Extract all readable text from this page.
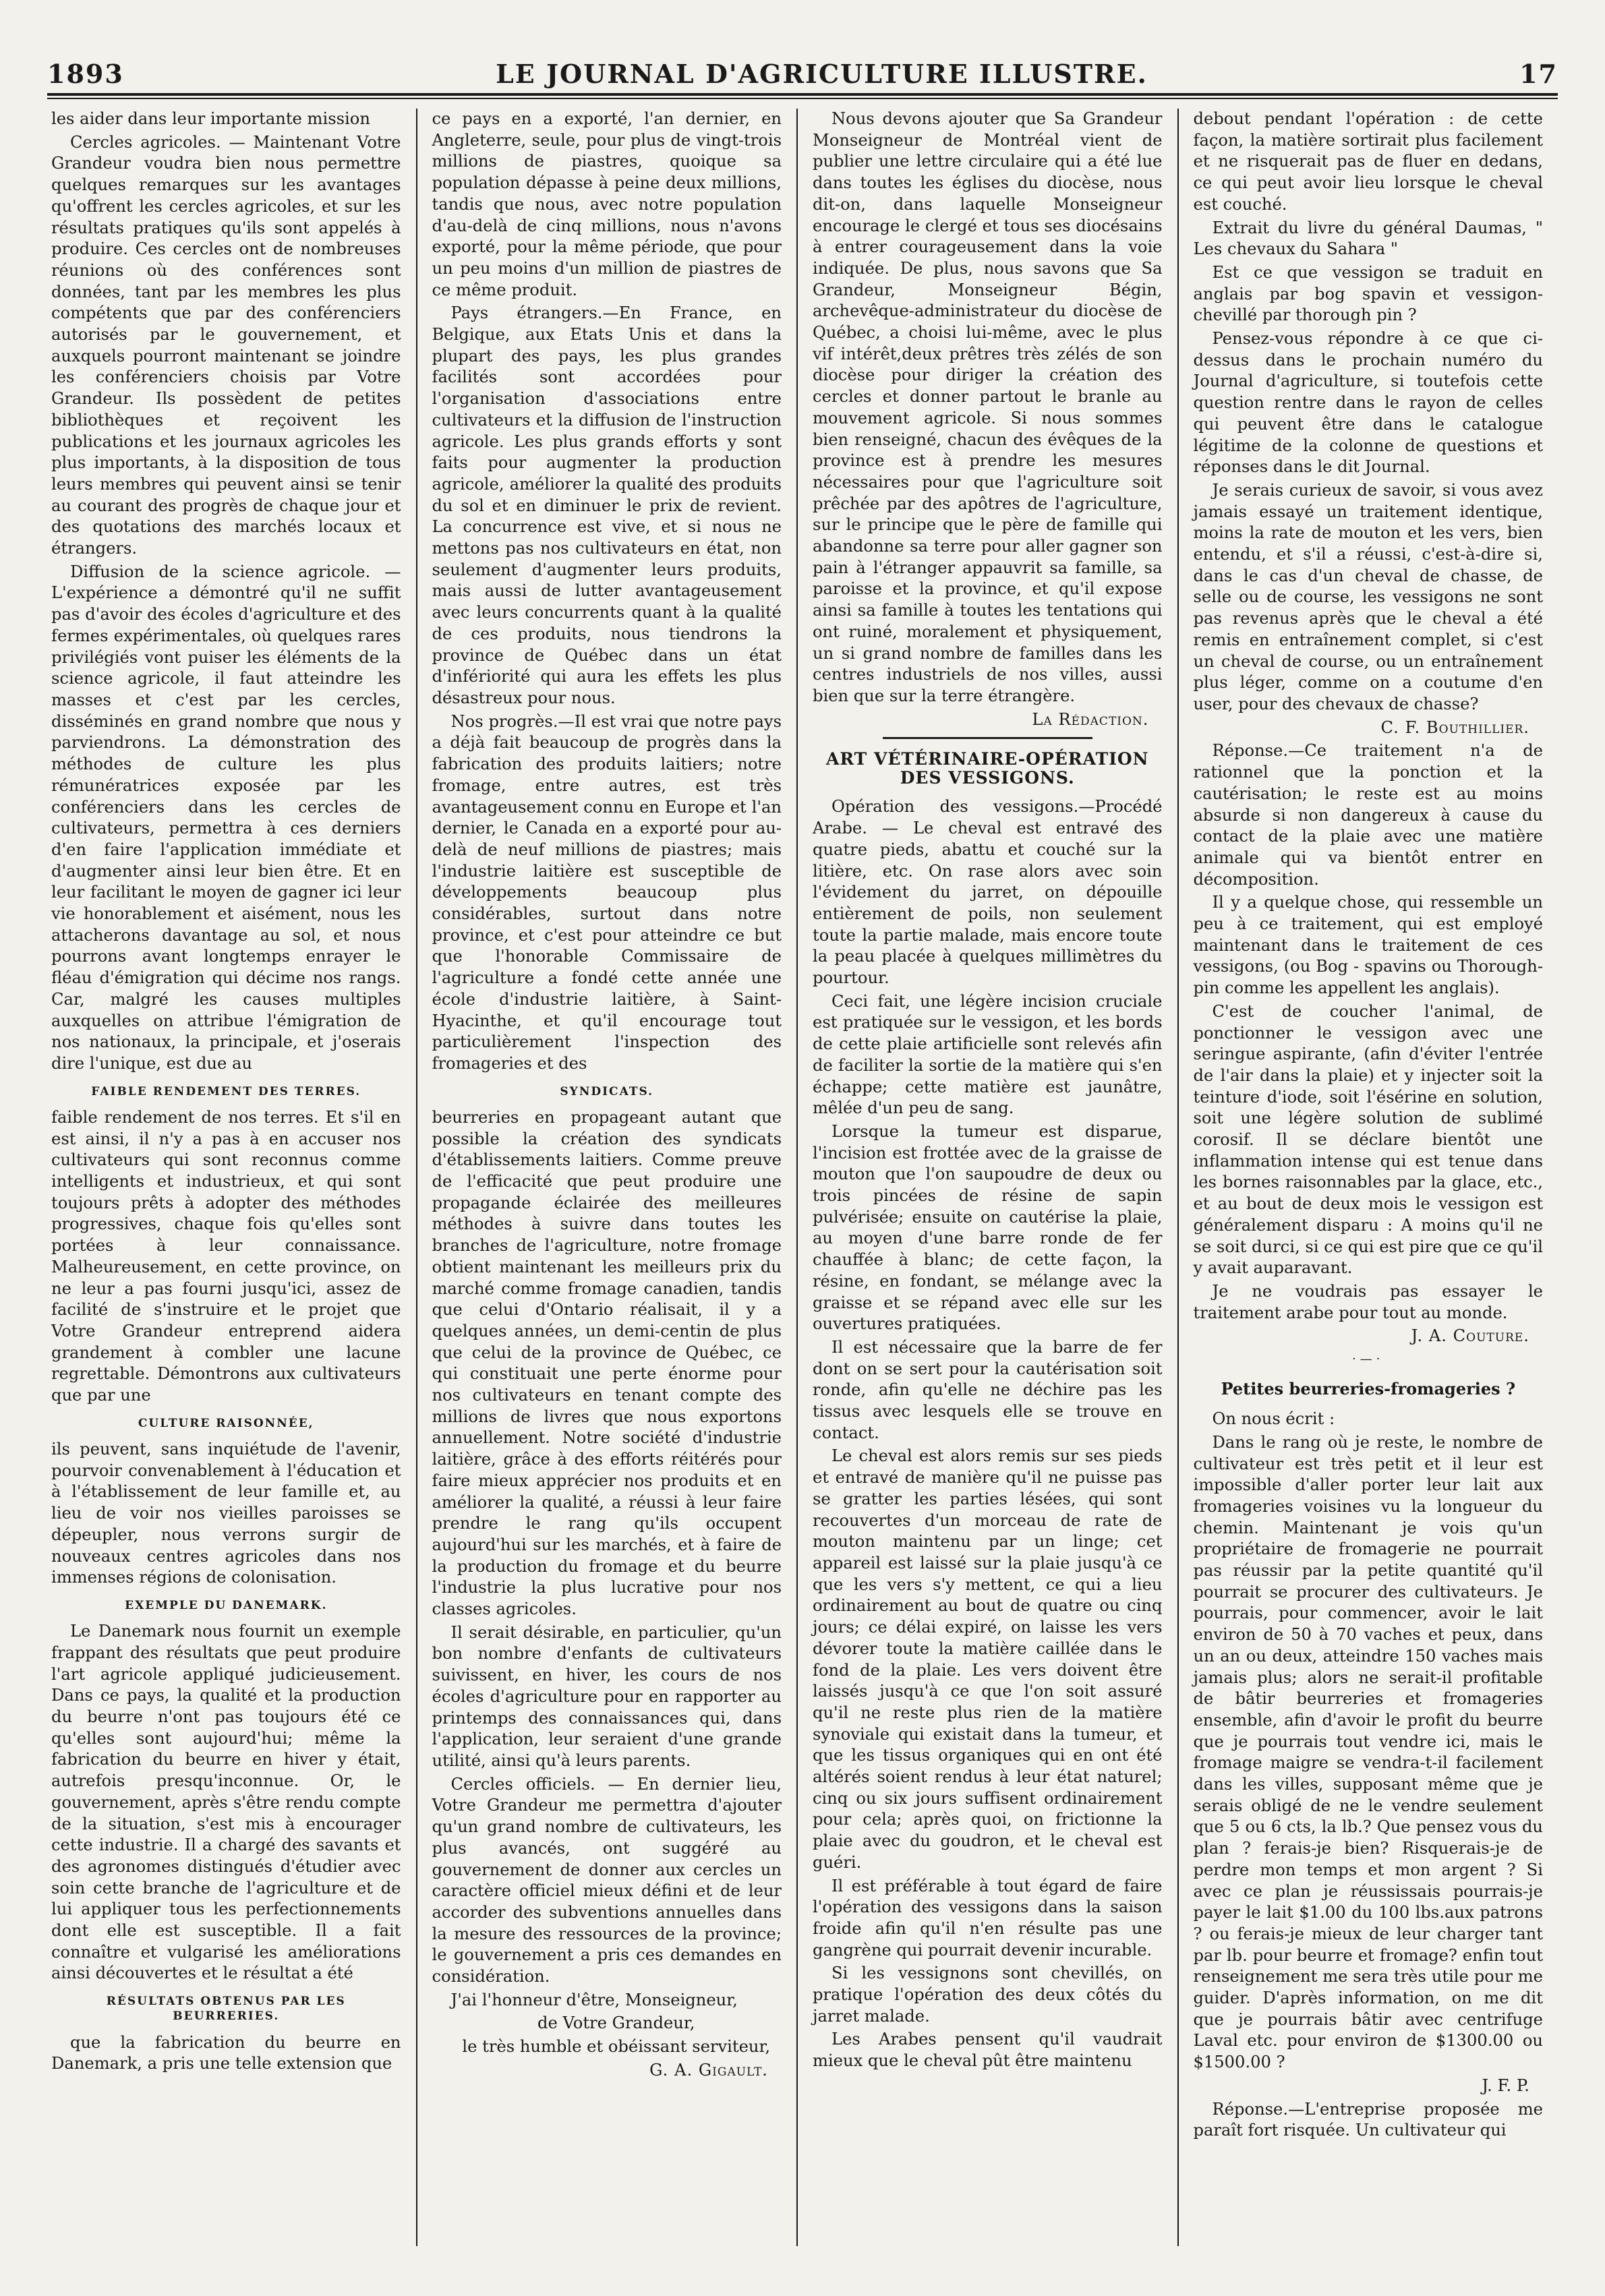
1893	LE JOURNAL D'AGRICULTURE ILLUSTRE.	17

les aider dans leur importante mission

Cercles agricoles. — Maintenant Votre Grandeur voudra bien nous permettre quelques remarques sur les avantages qu'offrent les cercles agricoles, et sur les résultats pratiques qu'ils sont appelés à produire. Ces cercles ont de nombreuses réunions où des conférences sont données, tant par les membres les plus compétents que par des conférenciers autorisés par le gouvernement, et auxquels pourront maintenant se joindre les conférenciers choisis par Votre Grandeur. Ils possèdent de petites bibliothèques et reçoivent les publications et les journaux agricoles les plus importants, à la disposition de tous leurs membres qui peuvent ainsi se tenir au courant des progrès de chaque jour et des quotations des marchés locaux et étrangers.

Diffusion de la science agricole. —L'expérience a démontré qu'il ne suffit pas d'avoir des écoles d'agriculture et des fermes expérimentales, où quelques rares privilégiés vont puiser les éléments de la science agricole, il faut atteindre les masses et c'est par les cercles, disséminés en grand nombre que nous y parviendrons. La démonstration des méthodes de culture les plus rémunératrices exposée par les conférenciers dans les cercles de cultivateurs, permettra à ces derniers d'en faire l'application immédiate et d'augmenter ainsi leur bien être. Et en leur facilitant le moyen de gagner ici leur vie honorablement et aisément, nous les attacherons davantage au sol, et nous pourrons avant longtemps enrayer le fléau d'émigration qui décime nos rangs. Car, malgré les causes multiples auxquelles on attribue l'émigration de nos nationaux, la principale, et j'oserais dire l'unique, est due au

FAIBLE RENDEMENT DES TERRES.

faible rendement de nos terres. Et s'il en est ainsi, il n'y a pas à en accuser nos cultivateurs qui sont reconnus comme intelligents et industrieux, et qui sont toujours prêts à adopter des méthodes progressives, chaque fois qu'elles sont portées à leur connaissance. Malheureusement, en cette province, on ne leur a pas fourni jusqu'ici, assez de facilité de s'instruire et le projet que Votre Grandeur entreprend aidera grandement à combler une lacune regrettable. Démontrons aux cultivateurs que par une

CULTURE RAISONNÉE,

ils peuvent, sans inquiétude de l'avenir, pourvoir convenablement à l'éducation et à l'établissement de leur famille et, au lieu de voir nos vieilles paroisses se dépeupler, nous verrons surgir de nouveaux centres agricoles dans nos immenses régions de colonisation.

EXEMPLE DU DANEMARK.

Le Danemark nous fournit un exemple frappant des résultats que peut produire l'art agricole appliqué judicieusement. Dans ce pays, la qualité et la production du beurre n'ont pas toujours été ce qu'elles sont aujourd'hui; même la fabrication du beurre en hiver y était, autrefois presqu'inconnue. Or, le gouvernement, après s'être rendu compte de la situation, s'est mis à encourager cette industrie. Il a chargé des savants et des agronomes distingués d'étudier avec soin cette branche de l'agriculture et de lui appliquer tous les perfectionnements dont elle est susceptible. Il a fait connaître et vulgarisé les améliorations ainsi découvertes et le résultat a été

RÉSULTATS OBTENUS PAR LES BEURRERIES.

que la fabrication du beurre en Danemark, a pris une telle extension que

ce pays en a exporté, l'an dernier, en Angleterre, seule, pour plus de vingt-trois millions de piastres, quoique sa population dépasse à peine deux millions, tandis que nous, avec notre population d'au-delà de cinq millions, nous n'avons exporté, pour la même période, que pour un peu moins d'un million de piastres de ce même produit.

Pays étrangers.—En France, en Belgique, aux Etats Unis et dans la plupart des pays, les plus grandes facilités sont accordées pour l'organisation d'associations entre cultivateurs et la diffusion de l'instruction agricole. Les plus grands efforts y sont faits pour augmenter la production agricole, améliorer la qualité des produits du sol et en diminuer le prix de revient. La concurrence est vive, et si nous ne mettons pas nos cultivateurs en état, non seulement d'augmenter leurs produits, mais aussi de lutter avantageusement avec leurs concurrents quant à la qualité de ces produits, nous tiendrons la province de Québec dans un état d'infériorité qui aura les effets les plus désastreux pour nous.

Nos progrès.—Il est vrai que notre pays a déjà fait beaucoup de progrès dans la fabrication des produits laitiers; notre fromage, entre autres, est très avantageusement connu en Europe et l'an dernier, le Canada en a exporté pour au-delà de neuf millions de piastres; mais l'industrie laitière est susceptible de développements beaucoup plus considérables, surtout dans notre province, et c'est pour atteindre ce but que l'honorable Commissaire de l'agriculture a fondé cette année une école d'industrie laitière, à Saint-Hyacinthe, et qu'il encourage tout particulièrement l'inspection des fromageries et des

SYNDICATS.

beurreries en propageant autant que possible la création des syndicats d'établissements laitiers. Comme preuve de l'efficacité que peut produire une propagande éclairée des meilleures méthodes à suivre dans toutes les branches de l'agriculture, notre fromage obtient maintenant les meilleurs prix du marché comme fromage canadien, tandis que celui d'Ontario réalisait, il y a quelques années, un demi-centin de plus que celui de la province de Québec, ce qui constituait une perte énorme pour nos cultivateurs en tenant compte des millions de livres que nous exportons annuellement. Notre société d'industrie laitière, grâce à des efforts réitérés pour faire mieux apprécier nos produits et en améliorer la qualité, a réussi à leur faire prendre le rang qu'ils occupent aujourd'hui sur les marchés, et à faire de la production du fromage et du beurre l'industrie la plus lucrative pour nos classes agricoles.

Il serait désirable, en particulier, qu'un bon nombre d'enfants de cultivateurs suivissent, en hiver, les cours de nos écoles d'agriculture pour en rapporter au printemps des connaissances qui, dans l'application, leur seraient d'une grande utilité, ainsi qu'à leurs parents.

Cercles officiels. — En dernier lieu, Votre Grandeur me permettra d'ajouter qu'un grand nombre de cultivateurs, les plus avancés, ont suggéré au gouvernement de donner aux cercles un caractère officiel mieux défini et de leur accorder des subventions annuelles dans la mesure des ressources de la province; le gouvernement a pris ces demandes en considération.

J'ai l'honneur d'être, Monseigneur,

de Votre Grandeur,

le très humble et obéissant serviteur,

G. A. Gigault.

Nous devons ajouter que Sa Grandeur Monseigneur de Montréal vient de publier une lettre circulaire qui a été lue dans toutes les églises du diocèse, nous dit-on, dans laquelle Monseigneur encourage le clergé et tous ses diocésains à entrer courageusement dans la voie indiquée. De plus, nous savons que Sa Grandeur, Monseigneur Bégin, archevêque-administrateur du diocèse de Québec, a choisi lui-même, avec le plus vif intérêt,deux prêtres très zélés de son diocèse pour diriger la création des cercles et donner partout le branle au mouvement agricole. Si nous sommes bien renseigné, chacun des évêques de la province est à prendre les mesures nécessaires pour que l'agriculture soit prêchée par des apôtres de l'agriculture, sur le principe que le père de famille qui abandonne sa terre pour aller gagner son pain à l'étranger appauvrit sa famille, sa paroisse et la province, et qu'il expose ainsi sa famille à toutes les tentations qui ont ruiné, moralement et physiquement, un si grand nombre de familles dans les centres industriels de nos villes, aussi bien que sur la terre étrangère.

La Rédaction.

ART VÉTÉRINAIRE-OPÉRATION DES VESSIGONS.

Opération des vessigons.—Procédé Arabe. — Le cheval est entravé des quatre pieds, abattu et couché sur la litière, etc. On rase alors avec soin l'évidement du jarret, on dépouille entièrement de poils, non seulement toute la partie malade, mais encore toute la peau placée à quelques millimètres du pourtour.

Ceci fait, une légère incision cruciale est pratiquée sur le vessigon, et les bords de cette plaie artificielle sont relevés afin de faciliter la sortie de la matière qui s'en échappe; cette matière est jaunâtre, mêlée d'un peu de sang.

Lorsque la tumeur est disparue, l'incision est frottée avec de la graisse de mouton que l'on saupoudre de deux ou trois pincées de résine de sapin pulvérisée; ensuite on cautérise la plaie, au moyen d'une barre ronde de fer chauffée à blanc; de cette façon, la résine, en fondant, se mélange avec la graisse et se répand avec elle sur les ouvertures pratiquées.

Il est nécessaire que la barre de fer dont on se sert pour la cautérisation soit ronde, afin qu'elle ne déchire pas les tissus avec lesquels elle se trouve en contact.

Le cheval est alors remis sur ses pieds et entravé de manière qu'il ne puisse pas se gratter les parties lésées, qui sont recouvertes d'un morceau de rate de mouton maintenu par un linge; cet appareil est laissé sur la plaie jusqu'à ce que les vers s'y mettent, ce qui a lieu ordinairement au bout de quatre ou cinq jours; ce délai expiré, on laisse les vers dévorer toute la matière caillée dans le fond de la plaie. Les vers doivent être laissés jusqu'à ce que l'on soit assuré qu'il ne reste plus rien de la matière synoviale qui existait dans la tumeur, et que les tissus organiques qui en ont été altérés soient rendus à leur état naturel; cinq ou six jours suffisent ordinairement pour cela; après quoi, on frictionne la plaie avec du goudron, et le cheval est guéri.

Il est préférable à tout égard de faire l'opération des vessigons dans la saison froide afin qu'il n'en résulte pas une gangrène qui pourrait devenir incurable.

Si les vessignons sont chevillés, on pratique l'opération des deux côtés du jarret malade.

Les Arabes pensent qu'il vaudrait mieux que le cheval pût être maintenu

debout pendant l'opération : de cette façon, la matière sortirait plus facilement et ne risquerait pas de fluer en dedans, ce qui peut avoir lieu lorsque le cheval est couché.

Extrait du livre du général Daumas, " Les chevaux du Sahara "

Est ce que vessigon se traduit en anglais par bog spavin et vessigon-chevillé par thorough pin ?

Pensez-vous répondre à ce que ci-dessus dans le prochain numéro du Journal d'agriculture, si toutefois cette question rentre dans le rayon de celles qui peuvent être dans le catalogue légitime de la colonne de questions et réponses dans le dit Journal.

Je serais curieux de savoir, si vous avez jamais essayé un traitement identique, moins la rate de mouton et les vers, bien entendu, et s'il a réussi, c'est-à-dire si, dans le cas d'un cheval de chasse, de selle ou de course, les vessigons ne sont pas revenus après que le cheval a été remis en entraînement complet, si c'est un cheval de course, ou un entraînement plus léger, comme on a coutume d'en user, pour des chevaux de chasse?

C. F. Bouthillier.

Réponse.—Ce traitement n'a de rationnel que la ponction et la cautérisation; le reste est au moins absurde si non dangereux à cause du contact de la plaie avec une matière animale qui va bientôt entrer en décomposition.

Il y a quelque chose, qui ressemble un peu à ce traitement, qui est employé maintenant dans le traitement de ces vessigons, (ou Bog - spavins ou Thorough-pin comme les appellent les anglais).

C'est de coucher l'animal, de ponctionner le vessigon avec une seringue aspirante, (afin d'éviter l'entrée de l'air dans la plaie) et y injecter soit la teinture d'iode, soit l'ésérine en solution, soit une légère solution de sublimé corosif. Il se déclare bientôt une inflammation intense qui est tenue dans les bornes raisonnables par la glace, etc., et au bout de deux mois le vessigon est généralement disparu : A moins qu'il ne se soit durci, si ce qui est pire que ce qu'il y avait auparavant.

Je ne voudrais pas essayer le traitement arabe pour tout au monde.

J. A. Couture.

·—·
Petites beurreries-fromageries ?

On nous écrit :

Dans le rang où je reste, le nombre de cultivateur est très petit et il leur est impossible d'aller porter leur lait aux fromageries voisines vu la longueur du chemin. Maintenant je vois qu'un propriétaire de fromagerie ne pourrait pas réussir par la petite quantité qu'il pourrait se procurer des cultivateurs. Je pourrais, pour commencer, avoir le lait environ de 50 à 70 vaches et peux, dans un an ou deux, atteindre 150 vaches mais jamais plus; alors ne serait-il profitable de bâtir beurreries et fromageries ensemble, afin d'avoir le profit du beurre que je pourrais tout vendre ici, mais le fromage maigre se vendra-t-il facilement dans les villes, supposant même que je serais obligé de ne le vendre seulement que 5 ou 6 cts, la lb.? Que pensez vous du plan ? ferais-je bien? Risquerais-je de perdre mon temps et mon argent ? Si avec ce plan je réussissais pourrais-je payer le lait $1.00 du 100 lbs.aux patrons ? ou ferais-je mieux de leur charger tant par lb. pour beurre et fromage? enfin tout renseignement me sera très utile pour me guider. D'après information, on me dit que je pourrais bâtir avec centrifuge Laval etc. pour environ de $1300.00 ou $1500.00 ?

J. F. P.

Réponse.—L'entreprise proposée me paraît fort risquée. Un cultivateur qui
